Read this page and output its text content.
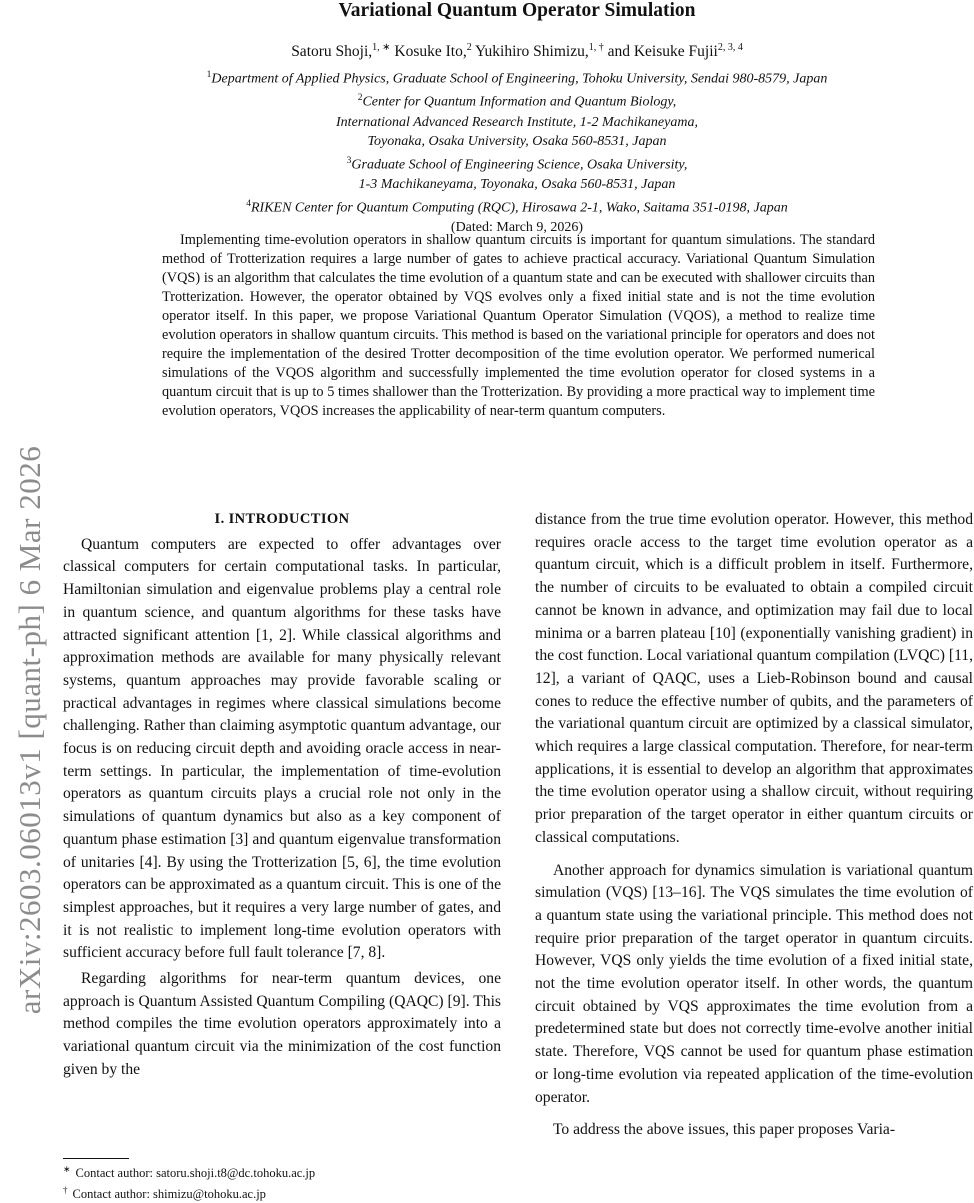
arXiv:2603.06013v1 [quant-ph] 6 Mar 2026
Variational Quantum Operator Simulation
Satoru Shoji,$^{1, ∗}$ Kosuke Ito,$^2$ Yukihiro Shimizu,$^{1, \dagger}$ and Keisuke Fujii$^{2, 3, 4}$
$^1$Department of Applied Physics, Graduate School of Engineering, Tohoku University, Sendai 980-8579, Japan
$^2$Center for Quantum Information and Quantum Biology,
International Advanced Research Institute, 1-2 Machikaneyama,
Toyonaka, Osaka University, Osaka 560-8531, Japan
$^3$Graduate School of Engineering Science, Osaka University,
1-3 Machikaneyama, Toyonaka, Osaka 560-8531, Japan
$^4$RIKEN Center for Quantum Computing (RQC), Hirosawa 2-1, Wako, Saitama 351-0198, Japan
(Dated: March 9, 2026)
Implementing time-evolution operators in shallow quantum circuits is important for quantum simulations. The standard method of Trotterization requires a large number of gates to achieve practical accuracy. Variational Quantum Simulation (VQS) is an algorithm that calculates the time evolution of a quantum state and can be executed with shallower circuits than Trotterization. However, the operator obtained by VQS evolves only a fixed initial state and is not the time evolution operator itself. In this paper, we propose Variational Quantum Operator Simulation (VQOS), a method to realize time evolution operators in shallow quantum circuits. This method is based on the variational principle for operators and does not require the implementation of the desired Trotter decomposition of the time evolution operator. We performed numerical simulations of the VQOS algorithm and successfully implemented the time evolution operator for closed systems in a quantum circuit that is up to 5 times shallower than the Trotterization. By providing a more practical way to implement time evolution operators, VQOS increases the applicability of near-term quantum computers.

I. INTRODUCTION

Quantum computers are expected to offer advantages over classical computers for certain computational tasks. In particular, Hamiltonian simulation and eigenvalue problems play a central role in quantum science, and quantum algorithms for these tasks have attracted significant attention [1, 2]. While classical algorithms and approximation methods are available for many physically relevant systems, quantum approaches may provide favorable scaling or practical advantages in regimes where classical simulations become challenging. Rather than claiming asymptotic quantum advantage, our focus is on reducing circuit depth and avoiding oracle access in near-term settings. In particular, the implementation of time-evolution operators as quantum circuits plays a crucial role not only in the simulations of quantum dynamics but also as a key component of quantum phase estimation [3] and quantum eigenvalue transformation of unitaries [4]. By using the Trotterization [5, 6], the time evolution operators can be approximated as a quantum circuit. This is one of the simplest approaches, but it requires a very large number of gates, and it is not realistic to implement long-time evolution operators with sufficient accuracy before full fault tolerance [7, 8].

Regarding algorithms for near-term quantum devices, one approach is Quantum Assisted Quantum Compiling (QAQC) [9]. This method compiles the time evolution operators approximately into a variational quantum circuit via the minimization of the cost function given by the

distance from the true time evolution operator. However, this method requires oracle access to the target time evolution operator as a quantum circuit, which is a difficult problem in itself. Furthermore, the number of circuits to be evaluated to obtain a compiled circuit cannot be known in advance, and optimization may fail due to local minima or a barren plateau [10] (exponentially vanishing gradient) in the cost function. Local variational quantum compilation (LVQC) [11, 12], a variant of QAQC, uses a Lieb-Robinson bound and causal cones to reduce the effective number of qubits, and the parameters of the variational quantum circuit are optimized by a classical simulator, which requires a large classical computation. Therefore, for near-term applications, it is essential to develop an algorithm that approximates the time evolution operator using a shallow circuit, without requiring prior preparation of the target operator in either quantum circuits or classical computations.

Another approach for dynamics simulation is variational quantum simulation (VQS) [13–16]. The VQS simulates the time evolution of a quantum state using the variational principle. This method does not require prior preparation of the target operator in quantum circuits. However, VQS only yields the time evolution of a fixed initial state, not the time evolution operator itself. In other words, the quantum circuit obtained by VQS approximates the time evolution from a predetermined state but does not correctly time-evolve another initial state. Therefore, VQS cannot be used for quantum phase estimation or long-time evolution via repeated application of the time-evolution operator.

To address the above issues, this paper proposes Varia-

∗ Contact author: satoru.shoji.t8@dc.tohoku.ac.jp
† Contact author: shimizu@tohoku.ac.jp
